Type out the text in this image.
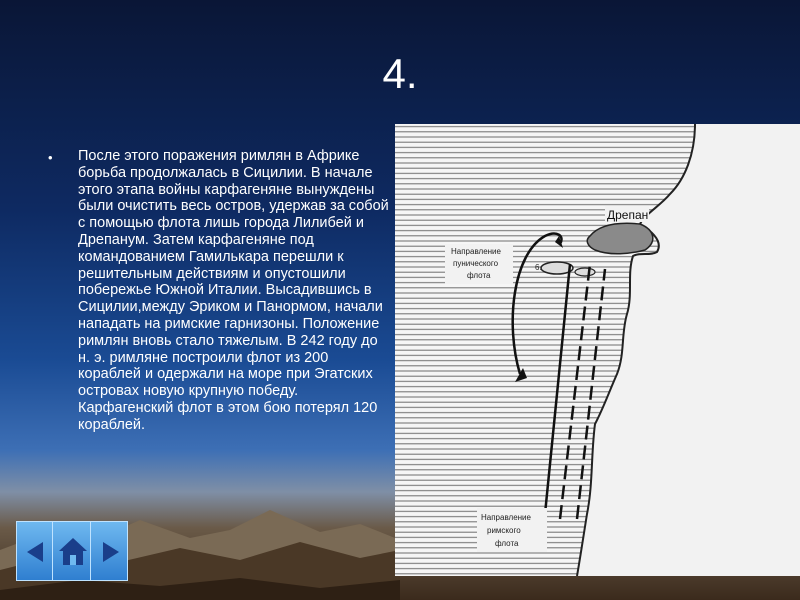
4.
• После этого поражения римлян в Африке борьба продолжалась в Сицилии. В начале этого этапа войны карфагеняне вынуждены были очистить весь остров, удержав за собой с помощью флота лишь города Лилибей и Дрепанум. Затем карфагеняне под командованием Гамилькара перешли к решительным действиям и опустошили побережье Южной Италии. Высадившись в Сицилии,между Эриком и Панормом, начали нападать на римские гарнизоны. Положение римлян вновь стало тяжелым. В 242 году до н. э. римляне построили флот из 200 кораблей и одержали на море при Эгатских островах новую крупную победу. Карфагенский флот в этом бою потерял 120 кораблей.
Дрепан
Направление
пунического
флота
Направление
римского
флота
6.
